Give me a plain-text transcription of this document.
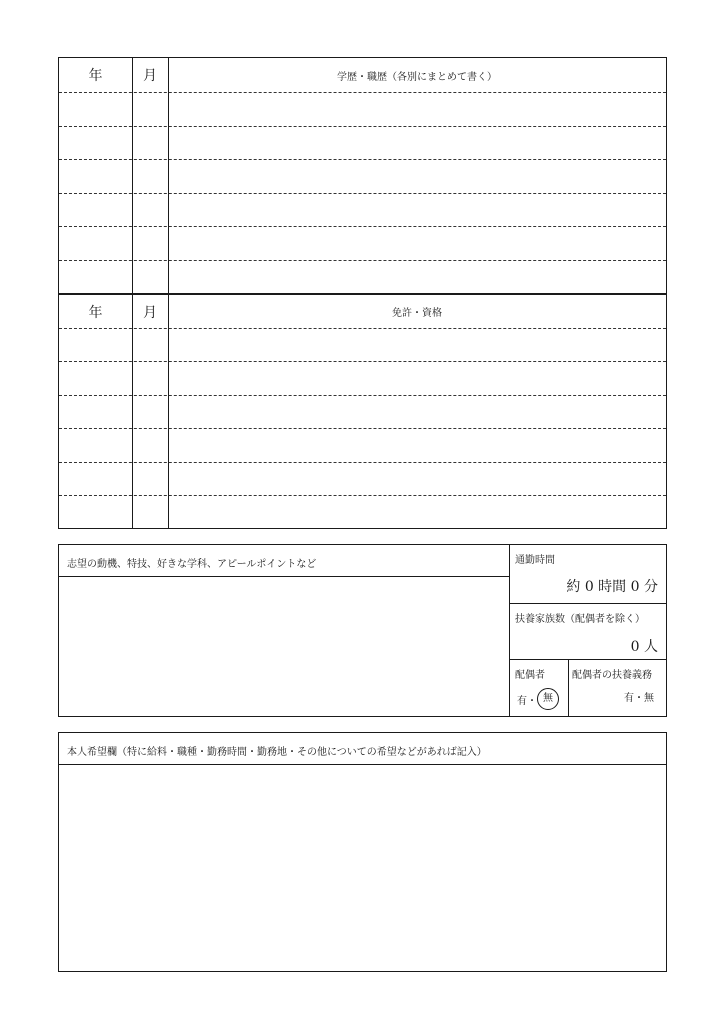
年	月	学歴・職歴（各別にまとめて書く）
年	月	免許・資格
志望の動機、特技、好きな学科、アピールポイントなど	通勤時間
約 0 時間 0 分
扶養家族数（配偶者を除く）
0 人
配偶者
有 ・ 無
配偶者の扶養義務
有・無
本人希望欄（特に給料・職種・勤務時間・勤務地・その他についての希望などがあれば記入）
